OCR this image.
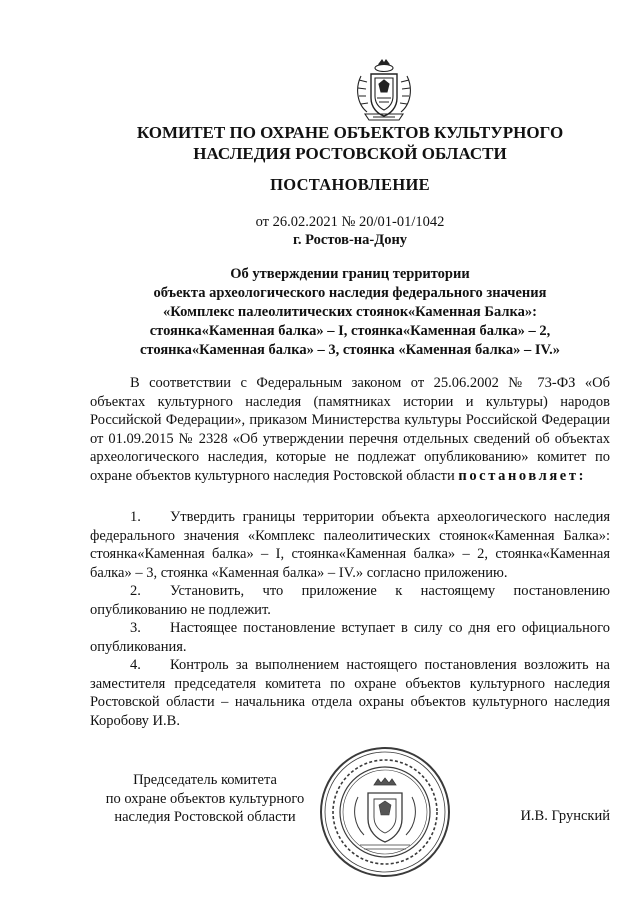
КОМИТЕТ ПО ОХРАНЕ ОБЪЕКТОВ КУЛЬТУРНОГО
НАСЛЕДИЯ РОСТОВСКОЙ ОБЛАСТИ
ПОСТАНОВЛЕНИЕ
от 26.02.2021 № 20/01-01/1042
г. Ростов-на-Дону
Об утверждении границ территории
объекта археологического наследия федерального значения
«Комплекс палеолитических стоянок«Каменная Балка»:
стоянка«Каменная балка» – I, стоянка«Каменная балка» – 2,
стоянка«Каменная балка» – 3, стоянка «Каменная балка» – IV.»
В соответствии с Федеральным законом от 25.06.2002 № 73-ФЗ «Об объектах культурного наследия (памятниках истории и культуры) народов Российской Федерации», приказом Министерства культуры Российской Федерации от 01.09.2015 № 2328 «Об утверждении перечня отдельных сведений об объектах археологического наследия, которые не подлежат опубликованию» комитет по охране объектов культурного наследия Ростовской области постановляет:

1. Утвердить границы территории объекта археологического наследия федерального значения «Комплекс палеолитических стоянок«Каменная Балка»: стоянка«Каменная балка» – I, стоянка«Каменная балка» – 2, стоянка«Каменная балка» – 3, стоянка «Каменная балка» – IV.» согласно приложению.

2. Установить, что приложение к настоящему постановлению опубликованию не подлежит.

3. Настоящее постановление вступает в силу со дня его официального опубликования.

4. Контроль за выполнением настоящего постановления возложить на заместителя председателя комитета по охране объектов культурного наследия Ростовской области – начальника отдела охраны объектов культурного наследия Коробову И.В.

Председатель комитета
по охране объектов культурного
наследия Ростовской области	И.В. Грунский
